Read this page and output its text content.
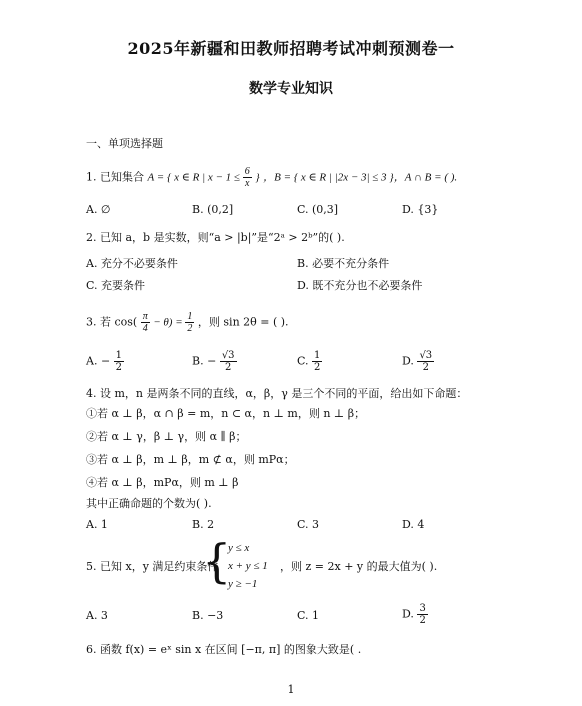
2025年新疆和田教师招聘考试冲刺预测卷一
数学专业知识
一、单项选择题
1. 已知集合 A = { x ∈ R | $x - 1 \le \frac{6}{x}$ } ，B = { x ∈ R | |2x − 3| ≤ 3 }，A ∩ B = ( ).
A. ∅	B. (0,2]	C. (0,3]	D. {3}
2. 已知 a，b 是实数，则“a > |b|”是“2ᵃ > 2ᵇ”的( ).
A. 充分不必要条件	B. 必要不充分条件
C. 充要条件	D. 既不充分也不必要条件
3. 若 $\cos( \frac{\pi}{4} - \theta) = \frac{1}{2}$ ，则 sin 2θ = ( ).
A. − $\frac{1}{2}$	B. − $\frac{√3}{2}$	C. $\frac{1}{2}$	D. $\frac{√3}{2}$
4. 设 m，n 是两条不同的直线，α，β，γ 是三个不同的平面，给出如下命题：
①若 α ⊥ β，α ∩ β = m，n ⊂ α，n ⊥ m，则 n ⊥ β；
②若 α ⊥ γ，β ⊥ γ，则 α ∥ β；
③若 α ⊥ β，m ⊥ β，m ⊄ α，则 mPα；
④若 α ⊥ β，mPα，则 m ⊥ β
其中正确命题的个数为( ).
A. 1	B. 2	C. 3	D. 4
5. 已知 x，y 满足约束条件
{
y ≤ x
x + y ≤ 1
y ≥ −1
，则 z = 2x + y 的最大值为( ).
A. 3	B. −3	C. 1	D. $\frac{3}{2}$
6. 函数 f(x) = eˣ sin x 在区间 [−π, π] 的图象大致是( .
1
